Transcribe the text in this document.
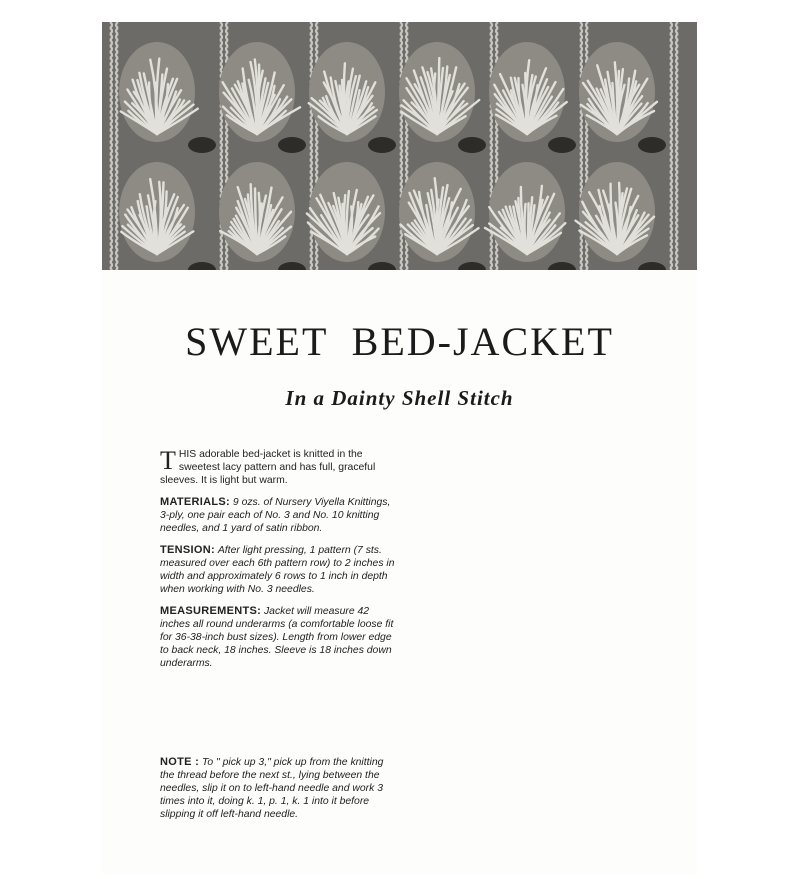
SWEET  BED-JACKET
In a Dainty Shell Stitch

THIS adorable bed-jacket is knitted in the sweetest lacy pattern and has full, graceful sleeves. It is light but warm.

MATERIALS: 9 ozs. of Nursery Viyella Knittings, 3-ply, one pair each of No. 3 and No. 10 knitting needles, and 1 yard of satin ribbon.

TENSION: After light pressing, 1 pattern (7 sts. measured over each 6th pattern row) to 2 inches in width and approximately 6 rows to 1 inch in depth when working with No. 3 needles.

MEASUREMENTS: Jacket will measure 42 inches all round underarms (a comfortable loose fit for 36-38-inch bust sizes). Length from lower edge to back neck, 18 inches. Sleeve is 18 inches down underarms.

NOTE : To " pick up 3," pick up from the knitting the thread before the next st., lying between the needles, slip it on to left-hand needle and work 3 times into it, doing k. 1, p. 1, k. 1 into it before slipping it off left-hand needle.
